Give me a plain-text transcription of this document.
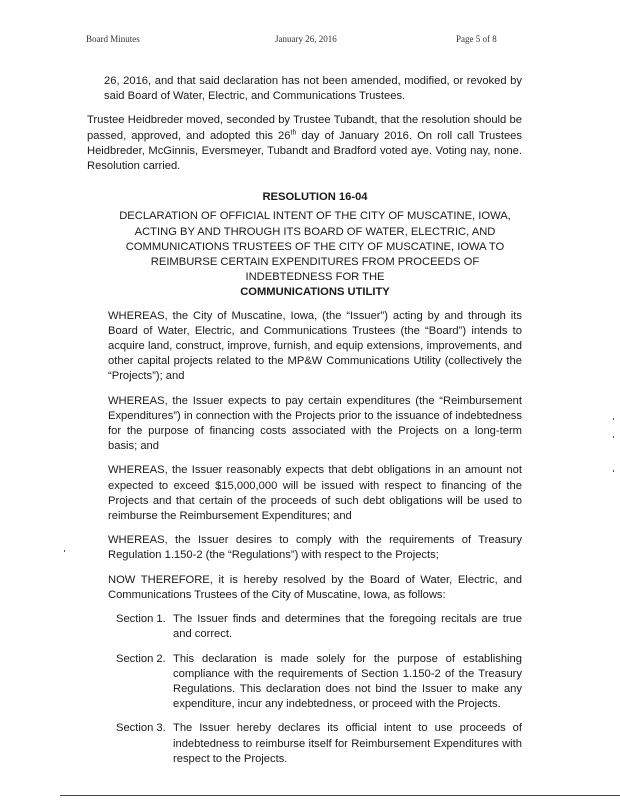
Board Minutes	January 26, 2016	Page 5 of 8
26, 2016, and that said declaration has not been amended, modified, or revoked by said Board of Water, Electric, and Communications Trustees.
Trustee Heidbreder moved, seconded by Trustee Tubandt, that the resolution should be passed, approved, and adopted this 26th day of January 2016. On roll call Trustees Heidbreder, McGinnis, Eversmeyer, Tubandt and Bradford voted aye. Voting nay, none. Resolution carried.
RESOLUTION 16-04
DECLARATION OF OFFICIAL INTENT OF THE CITY OF MUSCATINE, IOWA, ACTING BY AND THROUGH ITS BOARD OF WATER, ELECTRIC, AND COMMUNICATIONS TRUSTEES OF THE CITY OF MUSCATINE, IOWA TO REIMBURSE CERTAIN EXPENDITURES FROM PROCEEDS OF INDEBTEDNESS FOR THE
COMMUNICATIONS UTILITY
WHEREAS, the City of Muscatine, Iowa, (the “Issuer”) acting by and through its Board of Water, Electric, and Communications Trustees (the “Board”) intends to acquire land, construct, improve, furnish, and equip extensions, improvements, and other capital projects related to the MP&W Communications Utility (collectively the “Projects”); and
WHEREAS, the Issuer expects to pay certain expenditures (the “Reimbursement Expenditures”) in connection with the Projects prior to the issuance of indebtedness for the purpose of financing costs associated with the Projects on a long-term basis; and
WHEREAS, the Issuer reasonably expects that debt obligations in an amount not expected to exceed $15,000,000 will be issued with respect to financing of the Projects and that certain of the proceeds of such debt obligations will be used to reimburse the Reimbursement Expenditures; and
WHEREAS, the Issuer desires to comply with the requirements of Treasury Regulation 1.150-2 (the “Regulations”) with respect to the Projects;
NOW THEREFORE, it is hereby resolved by the Board of Water, Electric, and Communications Trustees of the City of Muscatine, Iowa, as follows:
Section 1. The Issuer finds and determines that the foregoing recitals are true and correct.
Section 2. This declaration is made solely for the purpose of establishing compliance with the requirements of Section 1.150-2 of the Treasury Regulations. This declaration does not bind the Issuer to make any expenditure, incur any indebtedness, or proceed with the Projects.
Section 3. The Issuer hereby declares its official intent to use proceeds of indebtedness to reimburse itself for Reimbursement Expenditures with respect to the Projects.
